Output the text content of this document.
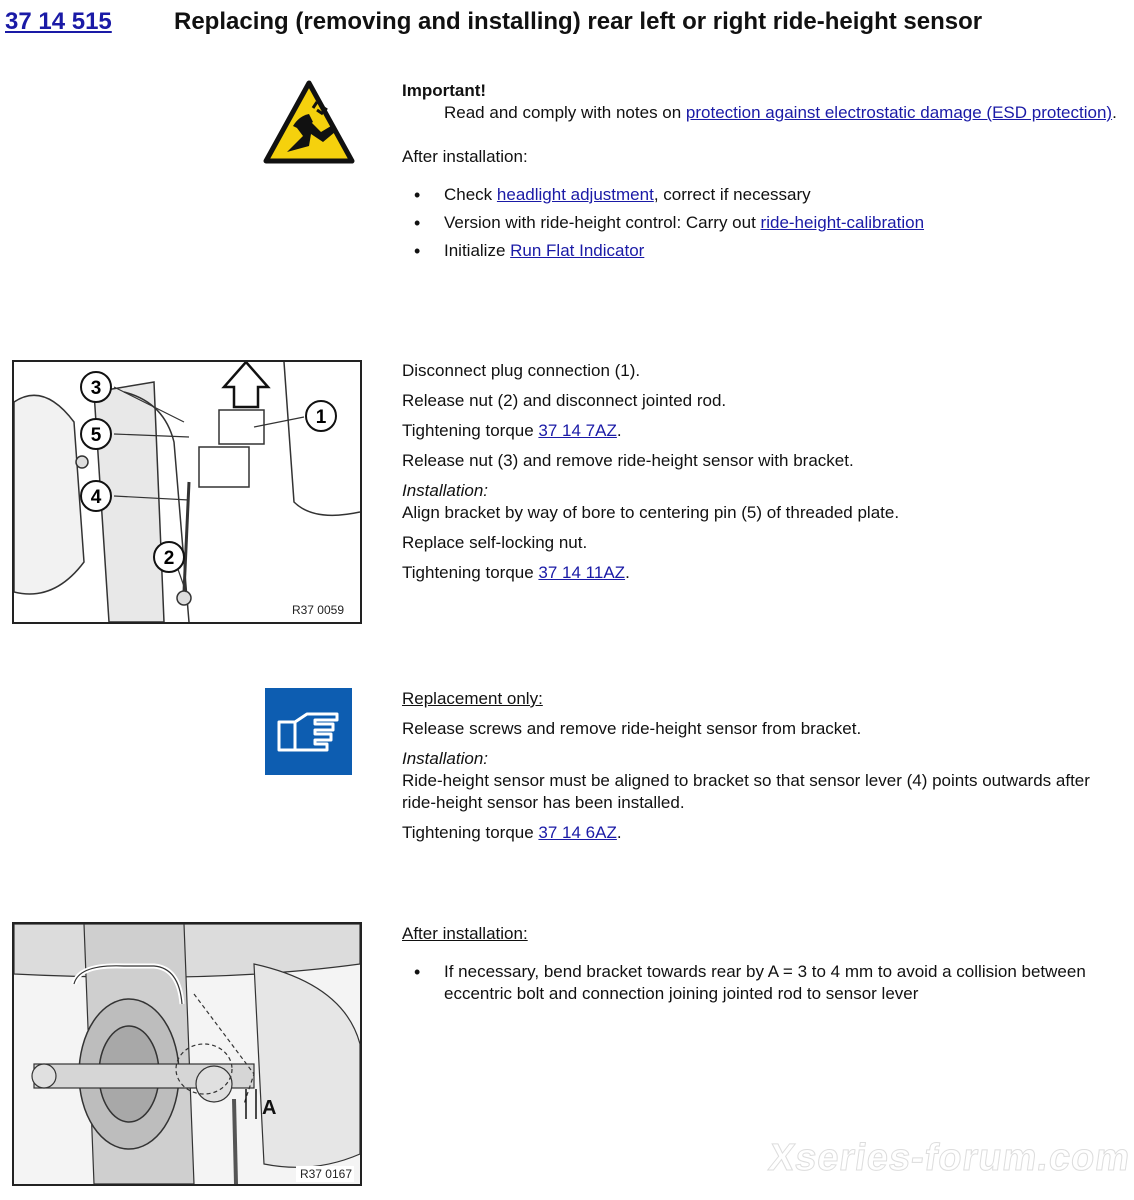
37 14 515	Replacing (removing and installing) rear left or right ride-height sensor
Important!
Read and comply with notes on protection against electrostatic damage (ESD protection).
After installation:
• Check headlight adjustment, correct if necessary
• Version with ride-height control: Carry out ride-height-calibration
• Initialize Run Flat Indicator
3
5
4
2
1
R37 0059
Disconnect plug connection (1).
Release nut (2) and disconnect jointed rod.
Tightening torque 37 14 7AZ.
Release nut (3) and remove ride-height sensor with bracket.
Installation:
Align bracket by way of bore to centering pin (5) of threaded plate.
Replace self-locking nut.
Tightening torque 37 14 11AZ.
Replacement only:
Release screws and remove ride-height sensor from bracket.
Installation:
Ride-height sensor must be aligned to bracket so that sensor lever (4) points outwards after ride-height sensor has been installed.
Tightening torque 37 14 6AZ.
A
R37 0167
After installation:
• If necessary, bend bracket towards rear by A = 3 to 4 mm to avoid a collision between eccentric bolt and connection joining jointed rod to sensor lever
Xseries-forum.com
